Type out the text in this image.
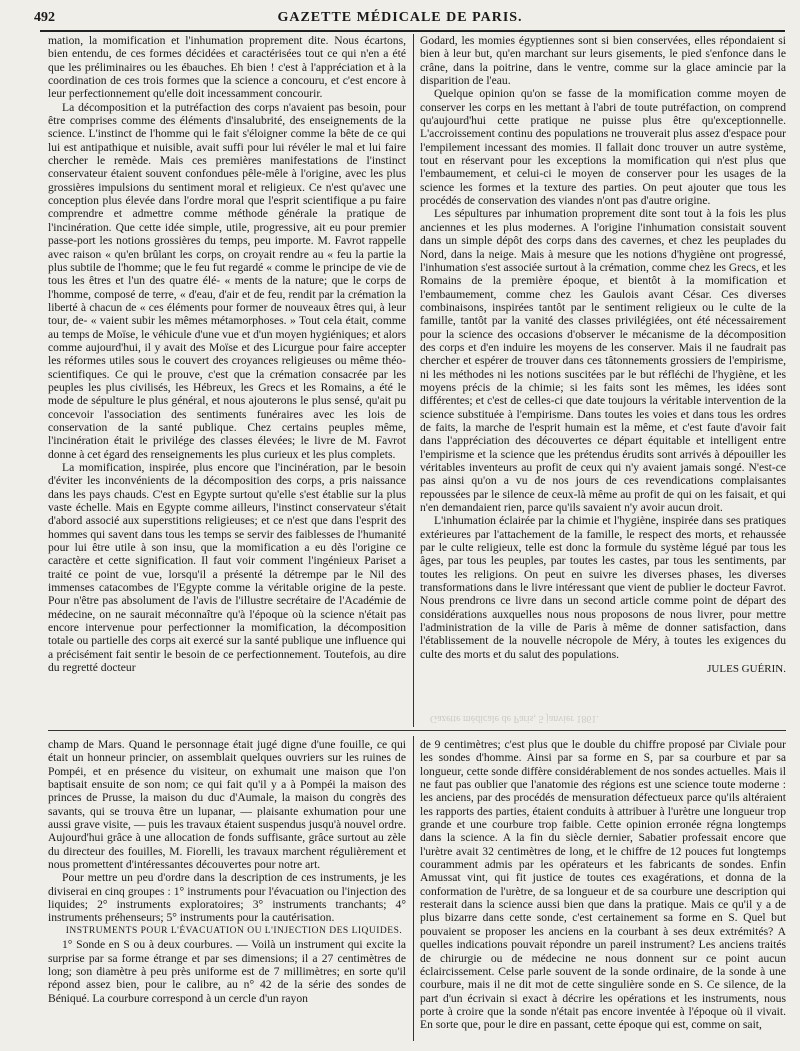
492	GAZETTE MÉDICALE DE PARIS.

mation, la momification et l'inhumation proprement dite. Nous écartons, bien entendu, de ces formes décidées et caractérisées tout ce qui n'en a été que les préliminaires ou les ébauches. Eh bien ! c'est à l'appréciation et à la coordination de ces trois formes que la science a concouru, et c'est encore à leur perfectionnement qu'elle doit incessamment concourir.

La décomposition et la putréfaction des corps n'avaient pas besoin, pour être comprises comme des éléments d'insalubrité, des enseignements de la science. L'instinct de l'homme qui le fait s'éloigner comme la bête de ce qui lui est antipathique et nuisible, avait suffi pour lui révéler le mal et lui faire chercher le remède. Mais ces premières manifestations de l'instinct conservateur étaient souvent confondues pêle-mêle à l'origine, avec les plus grossières impulsions du sentiment moral et religieux. Ce n'est qu'avec une conception plus élevée dans l'ordre moral que l'esprit scientifique a pu faire comprendre et admettre comme méthode générale la pratique de l'incinération. Que cette idée simple, utile, progressive, ait eu pour premier passe-port les notions grossières du temps, peu importe. M. Favrot rappelle avec raison « qu'en brûlant les corps, on croyait rendre au « feu la partie la plus subtile de l'homme; que le feu fut regardé « comme le principe de vie de tous les êtres et l'un des quatre élé- « ments de la nature; que le corps de l'homme, composé de terre, « d'eau, d'air et de feu, rendit par la crémation la liberté à chacun de « ces éléments pour former de nouveaux êtres qui, à leur tour, de- « vaient subir les mêmes métamorphoses. » Tout cela était, comme au temps de Moïse, le véhicule d'une vue et d'un moyen hygiéniques; et alors comme aujourd'hui, il y avait des Moïse et des Licurgue pour faire accepter les réformes utiles sous le couvert des croyances religieuses ou même théo-scientifiques. Ce qui le prouve, c'est que la crémation consacrée par les peuples les plus civilisés, les Hébreux, les Grecs et les Romains, a été le mode de sépulture le plus général, et nous ajouterons le plus sensé, qu'ait pu concevoir l'association des sentiments funéraires avec les lois de conservation de la santé publique. Chez certains peuples même, l'incinération était le privilége des classes élevées; le livre de M. Favrot donne à cet égard des renseignements les plus curieux et les plus complets.

La momification, inspirée, plus encore que l'incinération, par le besoin d'éviter les inconvénients de la décomposition des corps, a pris naissance dans les pays chauds. C'est en Egypte surtout qu'elle s'est établie sur la plus vaste échelle. Mais en Egypte comme ailleurs, l'instinct conservateur s'était d'abord associé aux superstitions religieuses; et ce n'est que dans l'esprit des hommes qui savent dans tous les temps se servir des faiblesses de l'humanité pour lui être utile à son insu, que la momification a eu dès l'origine ce caractère et cette signification. Il faut voir comment l'ingénieux Pariset a traité ce point de vue, lorsqu'il a présenté la détrempe par le Nil des immenses catacombes de l'Egypte comme la véritable origine de la peste. Pour n'être pas absolument de l'avis de l'illustre secrétaire de l'Académie de médecine, on ne saurait méconnaître qu'à l'époque où la science n'était pas encore intervenue pour perfectionner la momification, la décomposition totale ou partielle des corps ait exercé sur la santé publique une influence qui a précisément fait sentir le besoin de ce perfectionnement. Toutefois, au dire du regretté docteur

Godard, les momies égyptiennes sont si bien conservées, elles répondaient si bien à leur but, qu'en marchant sur leurs gisements, le pied s'enfonce dans le crâne, dans la poitrine, dans le ventre, comme sur la glace amincie par la disparition de l'eau.

Quelque opinion qu'on se fasse de la momification comme moyen de conserver les corps en les mettant à l'abri de toute putréfaction, on comprend qu'aujourd'hui cette pratique ne puisse plus être qu'exceptionnelle. L'accroissement continu des populations ne trouverait plus assez d'espace pour l'empilement incessant des momies. Il fallait donc trouver un autre système, tout en réservant pour les exceptions la momification qui n'est plus que l'embaumement, et celui-ci le moyen de conserver pour les usages de la science les formes et la texture des parties. On peut ajouter que tous les procédés de conservation des viandes n'ont pas d'autre origine.

Les sépultures par inhumation proprement dite sont tout à la fois les plus anciennes et les plus modernes. A l'origine l'inhumation consistait souvent dans un simple dépôt des corps dans des cavernes, et chez les peuplades du Nord, dans la neige. Mais à mesure que les notions d'hygiène ont progressé, l'inhumation s'est associée surtout à la crémation, comme chez les Grecs, et les Romains de la première époque, et bientôt à la momification et l'embaumement, comme chez les Gaulois avant César. Ces diverses combinaisons, inspirées tantôt par le sentiment religieux ou le culte de la famille, tantôt par la vanité des classes privilégiées, ont été nécessairement pour la science des occasions d'observer le mécanisme de la décomposition des corps et d'en induire les moyens de les conserver. Mais il ne faudrait pas chercher et espérer de trouver dans ces tâtonnements grossiers de l'empirisme, ni les méthodes ni les notions suscitées par le but réfléchi de l'hygiène, et les moyens précis de la chimie; si les faits sont les mêmes, les idées sont différentes; et c'est de celles-ci que date toujours la véritable intervention de la science substituée à l'empirisme. Dans toutes les voies et dans tous les ordres de faits, la marche de l'esprit humain est la même, et c'est faute d'avoir fait dans l'appréciation des découvertes ce départ équitable et intelligent entre l'empirisme et la science que les prétendus érudits sont arrivés à dépouiller les véritables inventeurs au profit de ceux qui n'y avaient jamais songé. N'est-ce pas ainsi qu'on a vu de nos jours de ces revendications complaisantes repoussées par le silence de ceux-là même au profit de qui on les faisait, et qui n'en demandaient rien, parce qu'ils savaient n'y avoir aucun droit.

L'inhumation éclairée par la chimie et l'hygiène, inspirée dans ses pratiques extérieures par l'attachement de la famille, le respect des morts, et rehaussée par le culte religieux, telle est donc la formule du système légué par tous les âges, par tous les peuples, par toutes les castes, par tous les sentiments, par toutes les religions. On peut en suivre les diverses phases, les diverses transformations dans le livre intéressant que vient de publier le docteur Favrot. Nous prendrons ce livre dans un second article comme point de départ des considérations auxquelles nous nous proposons de nous livrer, pour mettre l'administration de la ville de Paris à même de donner satisfaction, dans l'établissement de la nouvelle nécropole de Méry, à toutes les exigences du culte des morts et du salut des populations.

JULES GUÉRIN.
Gazette médicale de Paris, 5 janvier 1861.

champ de Mars. Quand le personnage était jugé digne d'une fouille, ce qui était un honneur princier, on assemblait quelques ouvriers sur les ruines de Pompéi, et en présence du visiteur, on exhumait une maison que l'on baptisait ensuite de son nom; ce qui fait qu'il y a à Pompéi la maison des princes de Prusse, la maison du duc d'Aumale, la maison du congrès des savants, qui se trouva être un lupanar, — plaisante exhumation pour une aussi grave visite, — puis les travaux étaient suspendus jusqu'à nouvel ordre. Aujourd'hui grâce à une allocation de fonds suffisante, grâce surtout au zèle du directeur des fouilles, M. Fiorelli, les travaux marchent régulièrement et nous promettent d'intéressantes découvertes pour notre art.

Pour mettre un peu d'ordre dans la description de ces instruments, je les diviserai en cinq groupes : 1° instruments pour l'évacuation ou l'injection des liquides; 2° instruments exploratoires; 3° instruments tranchants; 4° instruments préhenseurs; 5° instruments pour la cautérisation.

INSTRUMENTS POUR L'ÉVACUATION OU L'INJECTION DES LIQUIDES.

1° Sonde en S ou à deux courbures. — Voilà un instrument qui excite la surprise par sa forme étrange et par ses dimensions; il a 27 centimètres de long; son diamètre à peu près uniforme est de 7 millimètres; en sorte qu'il répond assez bien, pour le calibre, au n° 42 de la série des sondes de Béniqué. La courbure correspond à un cercle d'un rayon

de 9 centimètres; c'est plus que le double du chiffre proposé par Civiale pour les sondes d'homme. Ainsi par sa forme en S, par sa courbure et par sa longueur, cette sonde diffère considérablement de nos sondes actuelles. Mais il ne faut pas oublier que l'anatomie des régions est une science toute moderne : les anciens, par des procédés de mensuration défectueux parce qu'ils altéraient les rapports des parties, étaient conduits à attribuer à l'urètre une longueur trop grande et une courbure trop faible. Cette opinion erronée régna longtemps dans la science. A la fin du siècle dernier, Sabatier professait encore que l'urètre avait 32 centimètres de long, et le chiffre de 12 pouces fut longtemps couramment admis par les opérateurs et les fabricants de sondes. Enfin Amussat vint, qui fit justice de toutes ces exagérations, et donna de la conformation de l'urètre, de sa longueur et de sa courbure une description qui resterait dans la science aussi bien que dans la pratique. Mais ce qu'il y a de plus bizarre dans cette sonde, c'est certainement sa forme en S. Quel but pouvaient se proposer les anciens en la courbant à ses deux extrémités? A quelles indications pouvait répondre un pareil instrument? Les anciens traités de chirurgie ou de médecine ne nous donnent sur ce point aucun éclaircissement. Celse parle souvent de la sonde ordinaire, de la sonde à une courbure, mais il ne dit mot de cette singulière sonde en S. Ce silence, de la part d'un écrivain si exact à décrire les opérations et les instruments, nous porte à croire que la sonde n'était pas encore inventée à l'époque où il vivait. En sorte que, pour le dire en passant, cette époque qui est, comme on sait,
